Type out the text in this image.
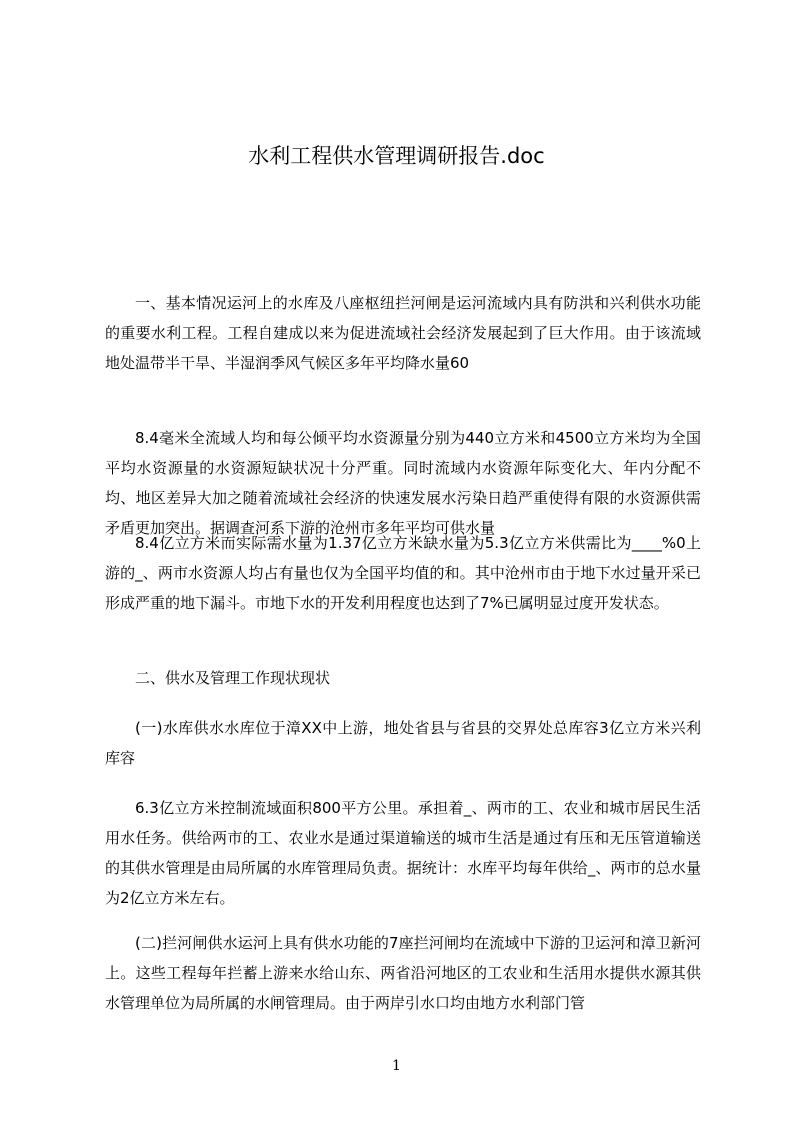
水利工程供水管理调研报告.doc

一、基本情况运河上的水库及八座枢纽拦河闸是运河流域内具有防洪和兴利供水功能的重要水利工程。工程自建成以来为促进流域社会经济发展起到了巨大作用。由于该流域地处温带半干旱、半湿润季风气候区多年平均降水量60

8.4毫米全流域人均和每公倾平均水资源量分别为440立方米和4500立方米均为全国平均水资源量的水资源短缺状况十分严重。同时流域内水资源年际变化大、年内分配不均、地区差异大加之随着流域社会经济的快速发展水污染日趋严重使得有限的水资源供需矛盾更加突出。据调查河系下游的沧州市多年平均可供水量

8.4亿立方米而实际需水量为1.37亿立方米缺水量为5.3亿立方米供需比为____%0上游的_、两市水资源人均占有量也仅为全国平均值的和。其中沧州市由于地下水过量开采已形成严重的地下漏斗。市地下水的开发利用程度也达到了7%已属明显过度开发状态。

二、供水及管理工作现状现状

(一)水库供水水库位于漳XX中上游，地处省县与省县的交界处总库容3亿立方米兴利库容

6.3亿立方米控制流域面积800平方公里。承担着_、两市的工、农业和城市居民生活用水任务。供给两市的工、农业水是通过渠道输送的城市生活是通过有压和无压管道输送的其供水管理是由局所属的水库管理局负责。据统计：水库平均每年供给_、两市的总水量为2亿立方米左右。

(二)拦河闸供水运河上具有供水功能的7座拦河闸均在流域中下游的卫运河和漳卫新河上。这些工程每年拦蓄上游来水给山东、两省沿河地区的工农业和生活用水提供水源其供水管理单位为局所属的水闸管理局。由于两岸引水口均由地方水利部门管

1
